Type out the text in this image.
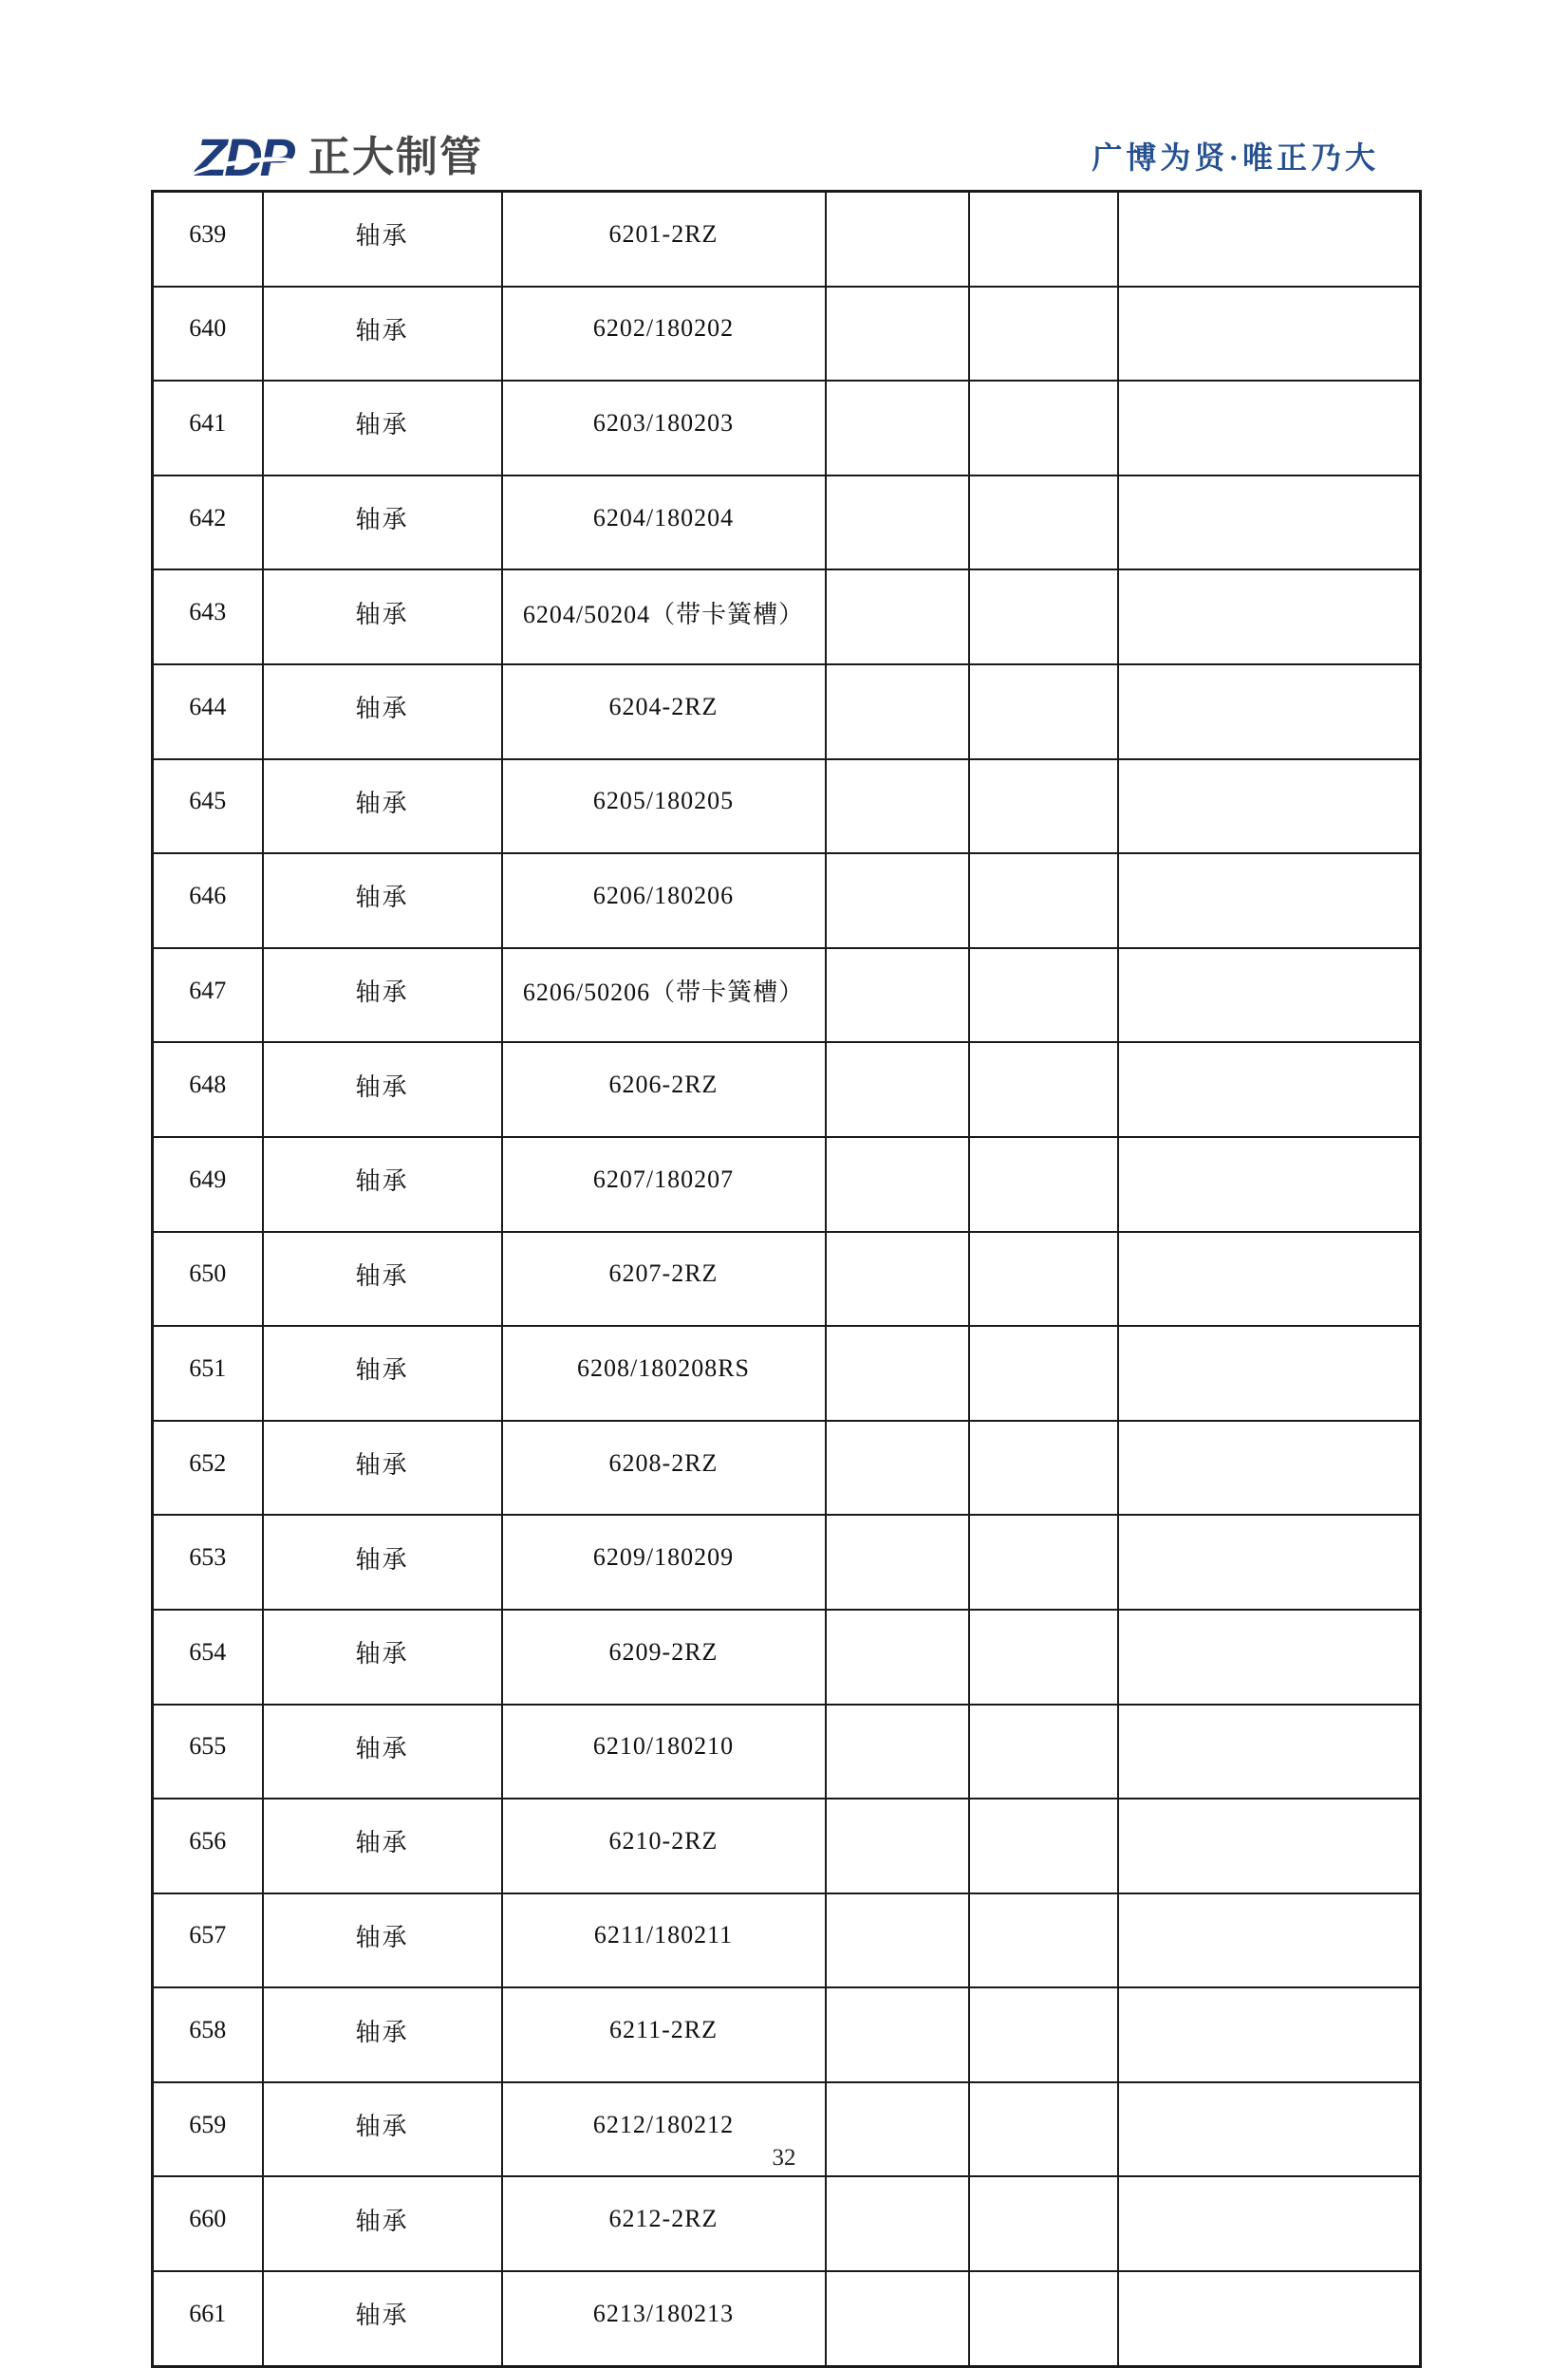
ZDP 正大制管	广博为贤·唯正乃大
639	轴承	6201-2RZ			
640	轴承	6202/180202			
641	轴承	6203/180203			
642	轴承	6204/180204			
643	轴承	6204/50204（带卡簧槽）			
644	轴承	6204-2RZ			
645	轴承	6205/180205			
646	轴承	6206/180206			
647	轴承	6206/50206（带卡簧槽）			
648	轴承	6206-2RZ			
649	轴承	6207/180207			
650	轴承	6207-2RZ			
651	轴承	6208/180208RS			
652	轴承	6208-2RZ			
653	轴承	6209/180209			
654	轴承	6209-2RZ			
655	轴承	6210/180210			
656	轴承	6210-2RZ			
657	轴承	6211/180211			
658	轴承	6211-2RZ			
659	轴承	6212/180212			
660	轴承	6212-2RZ			
661	轴承	6213/180213			
32
